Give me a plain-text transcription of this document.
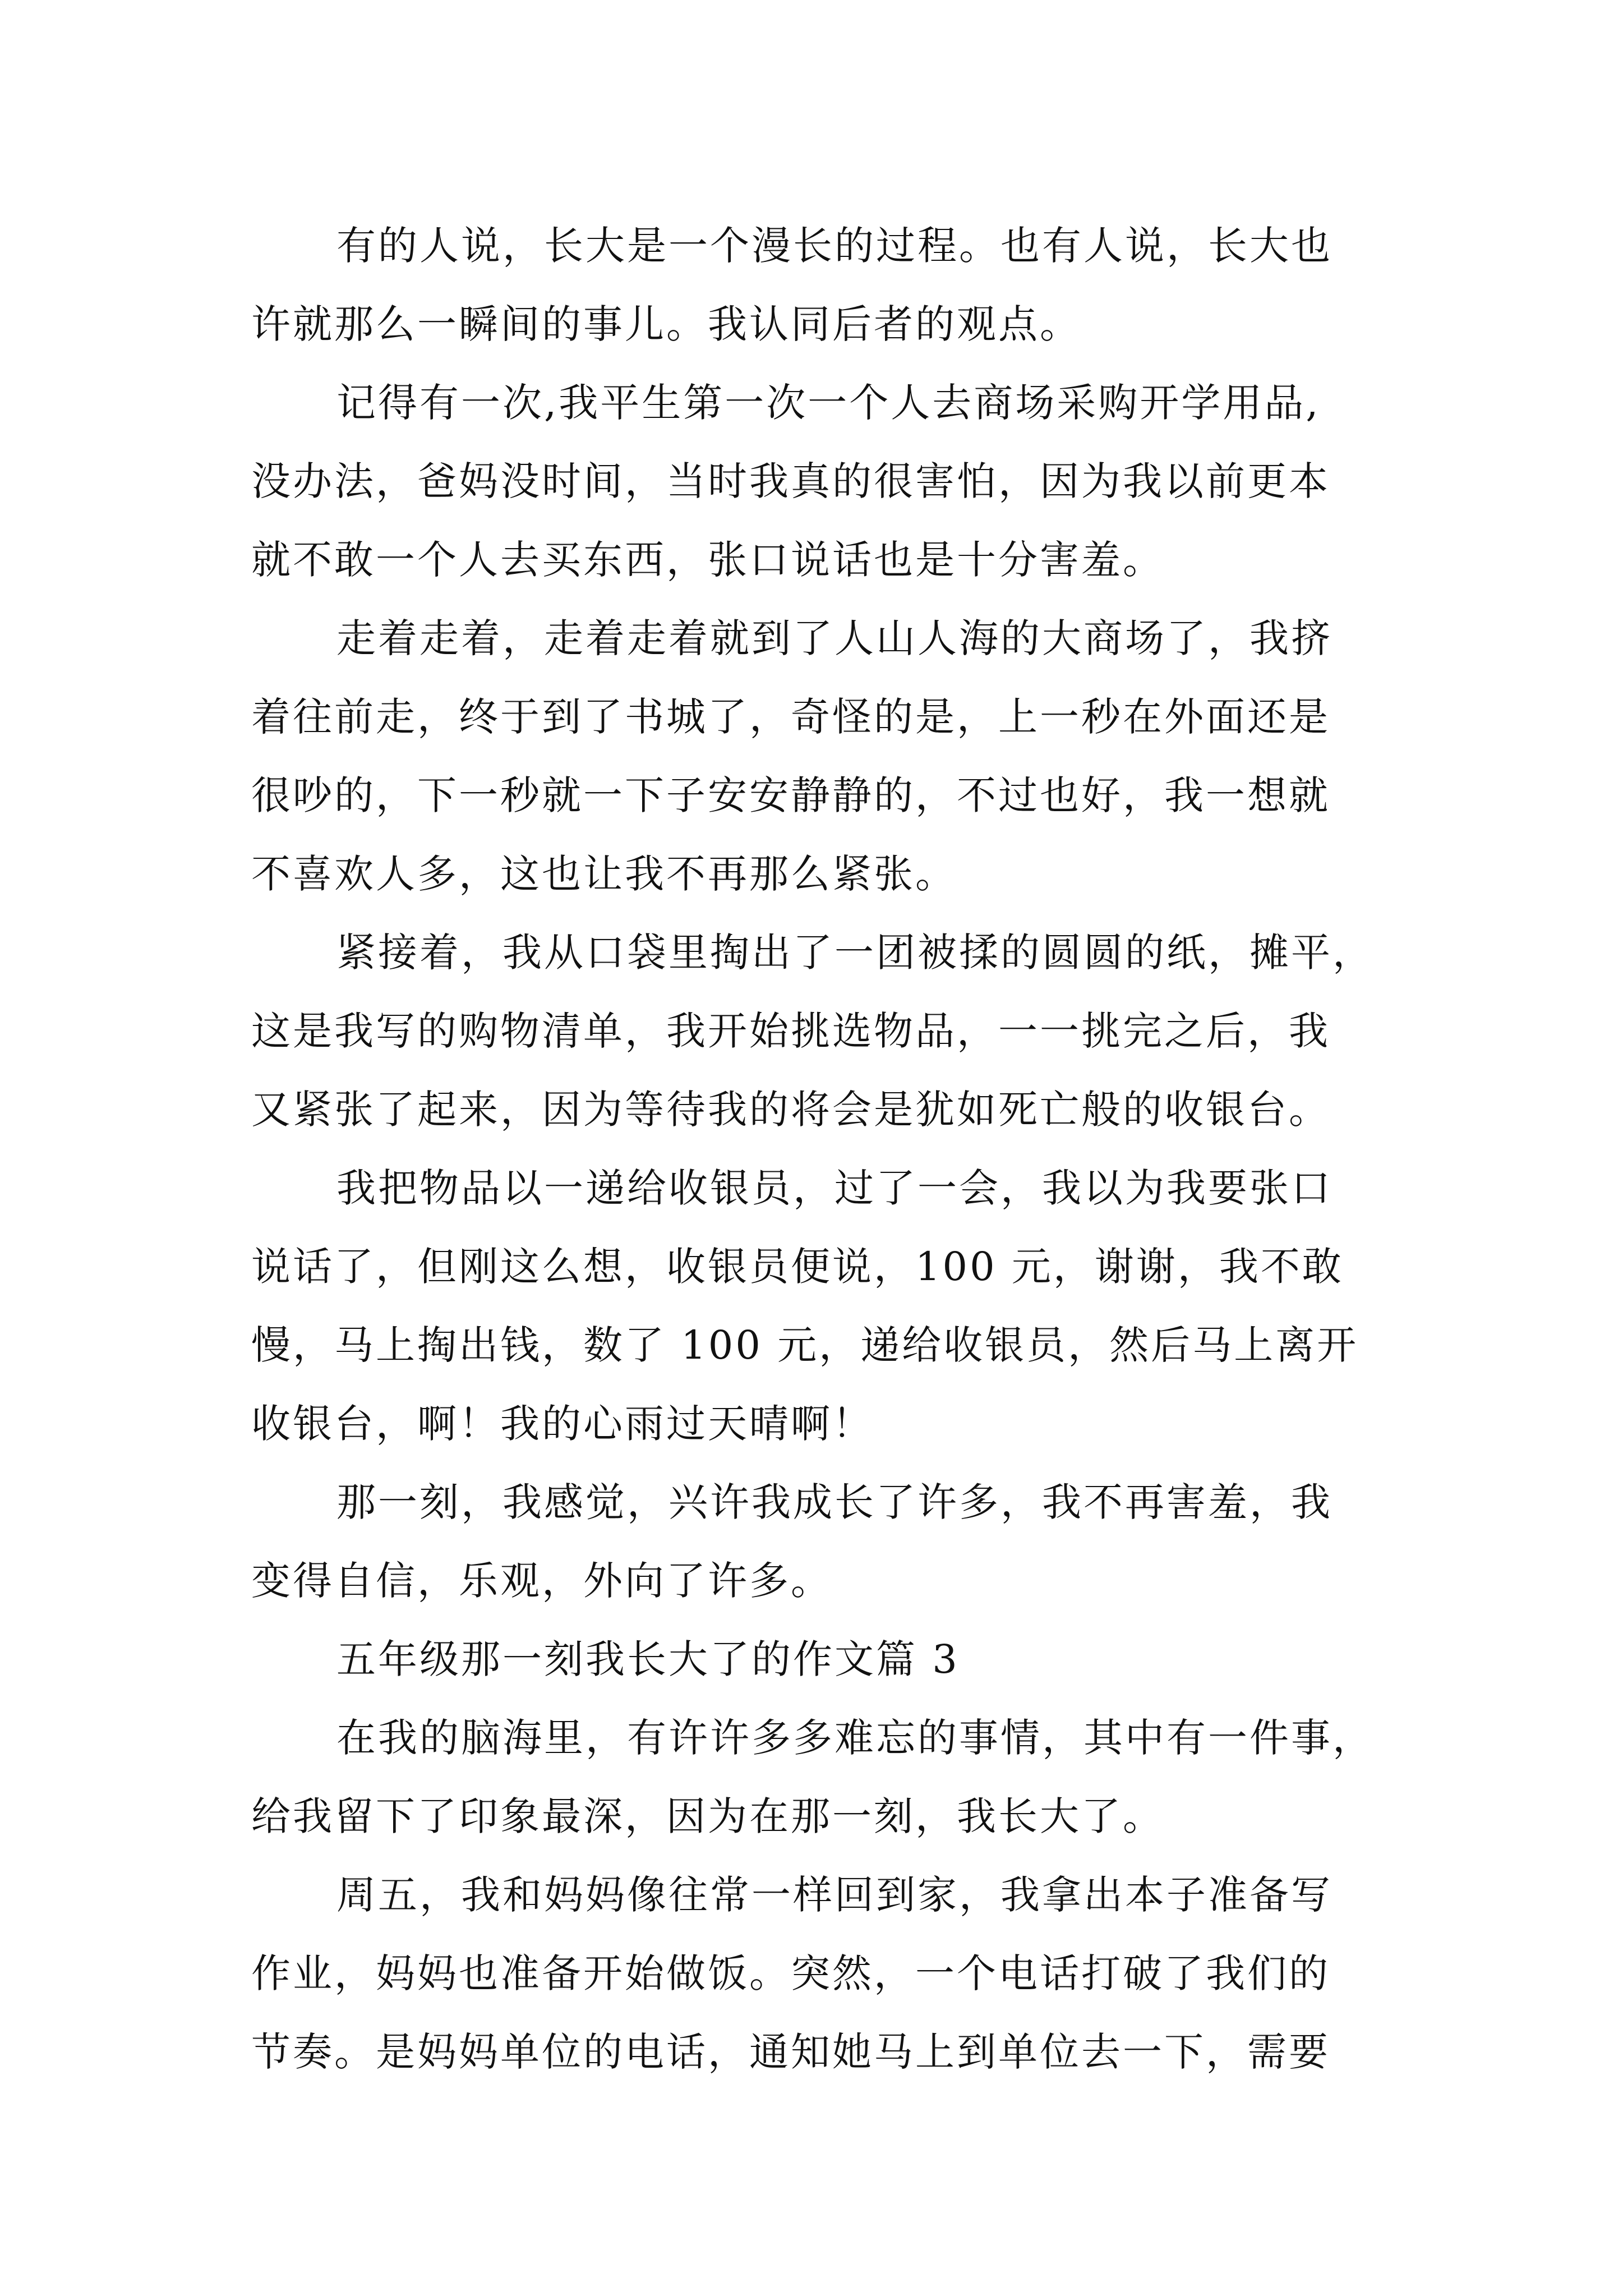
有的人说，长大是一个漫长的过程。也有人说，长大也
许就那么一瞬间的事儿。我认同后者的观点。
记得有一次,我平生第一次一个人去商场采购开学用品,
没办法，爸妈没时间，当时我真的很害怕，因为我以前更本
就不敢一个人去买东西，张口说话也是十分害羞。
走着走着，走着走着就到了人山人海的大商场了，我挤
着往前走，终于到了书城了，奇怪的是，上一秒在外面还是
很吵的，下一秒就一下子安安静静的，不过也好，我一想就
不喜欢人多，这也让我不再那么紧张。
紧接着，我从口袋里掏出了一团被揉的圆圆的纸，摊平，
这是我写的购物清单，我开始挑选物品，一一挑完之后，我
又紧张了起来，因为等待我的将会是犹如死亡般的收银台。
我把物品以一递给收银员，过了一会，我以为我要张口
说话了，但刚这么想，收银员便说，100 元，谢谢，我不敢
慢，马上掏出钱，数了 100 元，递给收银员，然后马上离开
收银台，啊！我的心雨过天晴啊！
那一刻，我感觉，兴许我成长了许多，我不再害羞，我
变得自信，乐观，外向了许多。
五年级那一刻我长大了的作文篇 3
在我的脑海里，有许许多多难忘的事情，其中有一件事，
给我留下了印象最深，因为在那一刻，我长大了。
周五，我和妈妈像往常一样回到家，我拿出本子准备写
作业，妈妈也准备开始做饭。突然，一个电话打破了我们的
节奏。是妈妈单位的电话，通知她马上到单位去一下，需要
